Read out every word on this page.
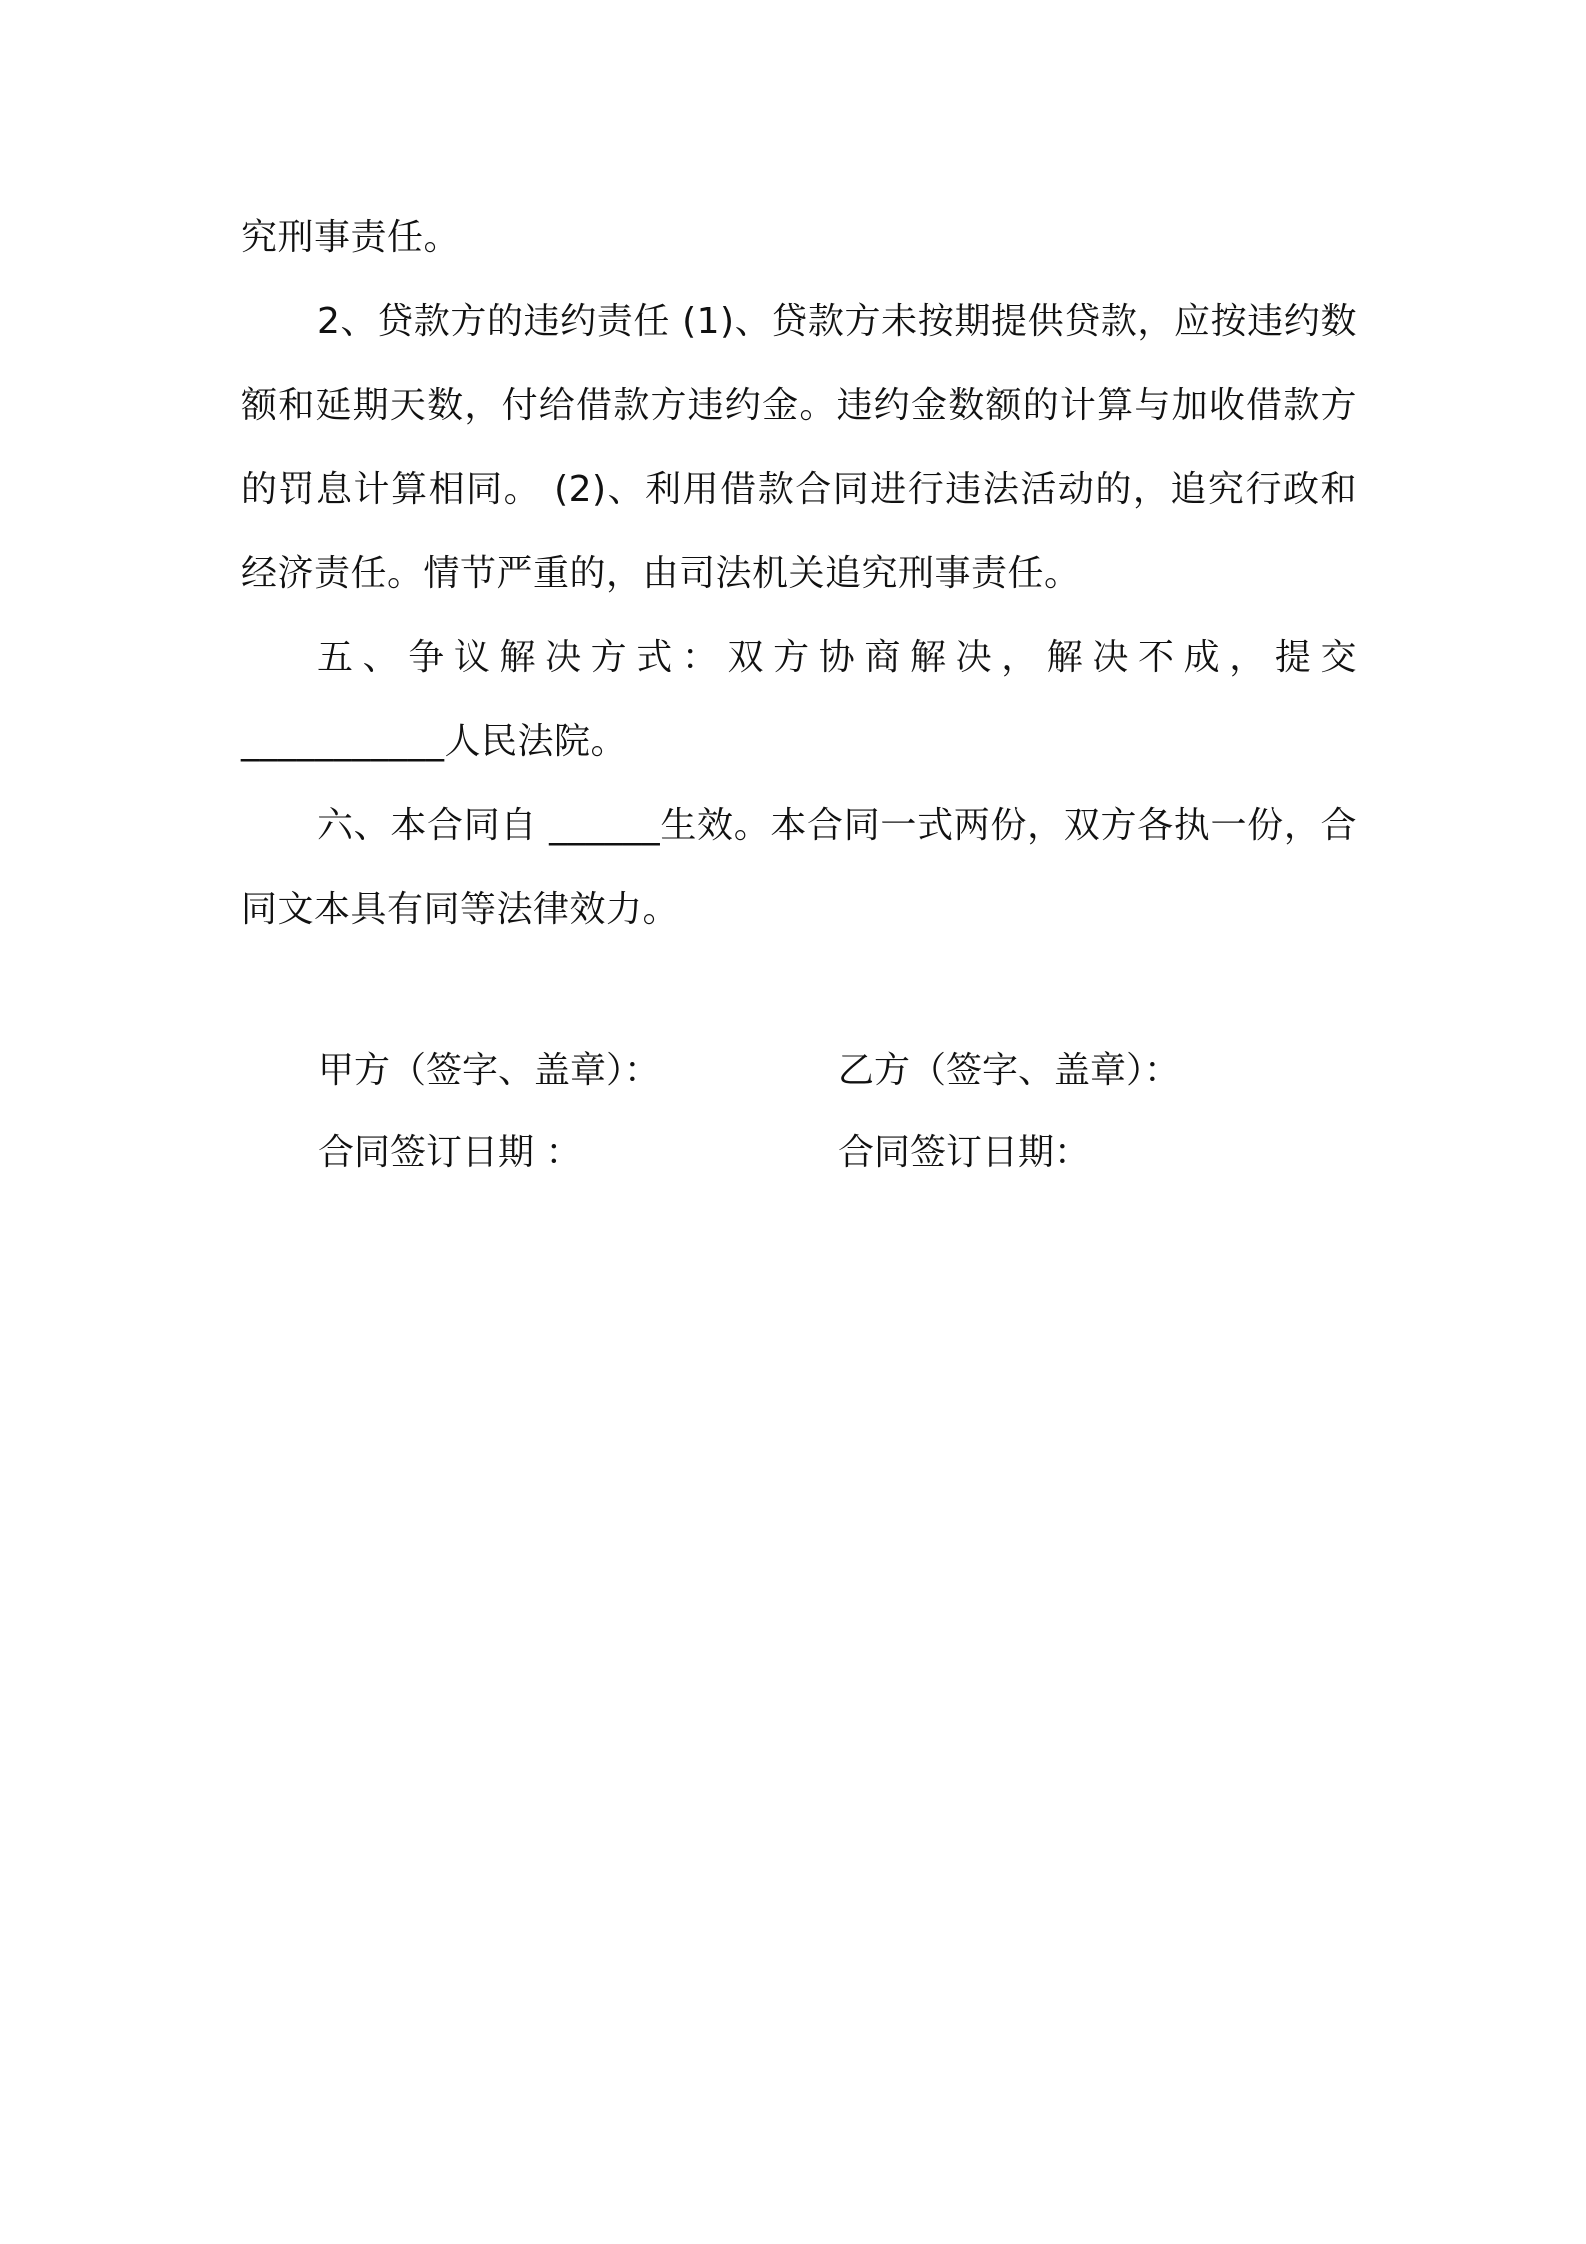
究刑事责任。

2、贷款方的违约责任 (1)、贷款方未按期提供贷款，应按违约数额和延期天数，付给借款方违约金。违约金数额的计算与加收借款方的罚息计算相同。 (2)、利用借款合同进行违法活动的，追究行政和经济责任。情节严重的，由司法机关追究刑事责任。

五、争议解决方式：双方协商解决，解决不成，提交___________人民法院。

六、本合同自 ______生效。本合同一式两份，双方各执一份，合同文本具有同等法律效力。

甲方（签字、盖章）：	乙方（签字、盖章）：
合同签订日期 ：	合同签订日期：
